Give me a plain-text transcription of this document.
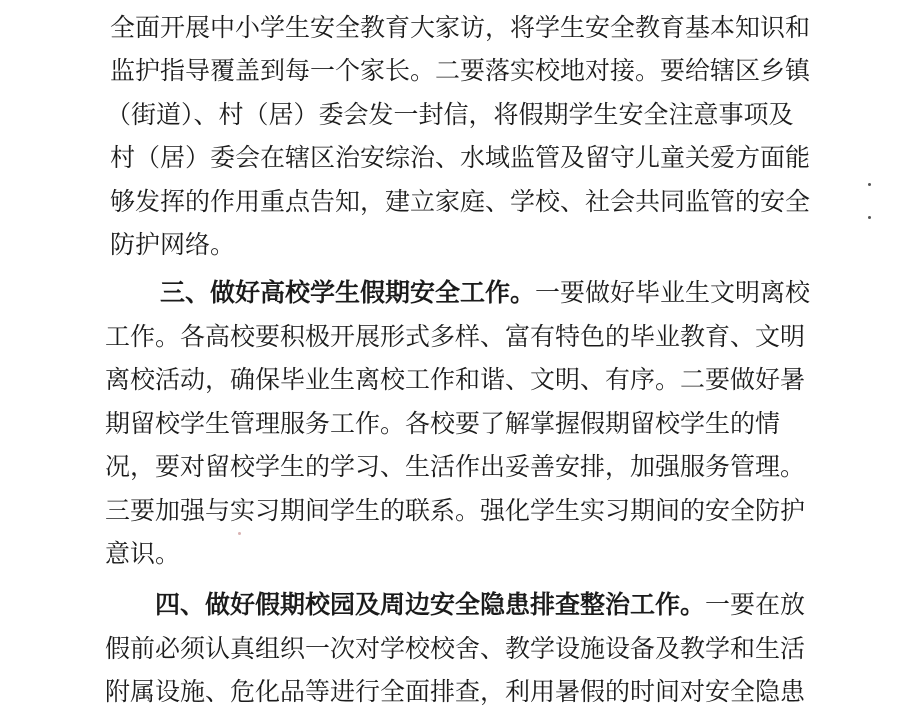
全面开展中小学生安全教育大家访，将学生安全教育基本知识和
监护指导覆盖到每一个家长。二要落实校地对接。要给辖区乡镇
（街道）、村（居）委会发一封信，将假期学生安全注意事项及
村（居）委会在辖区治安综治、水域监管及留守儿童关爱方面能
够发挥的作用重点告知，建立家庭、学校、社会共同监管的安全
防护网络。
三、做好高校学生假期安全工作。一要做好毕业生文明离校
工作。各高校要积极开展形式多样、富有特色的毕业教育、文明
离校活动，确保毕业生离校工作和谐、文明、有序。二要做好暑
期留校学生管理服务工作。各校要了解掌握假期留校学生的情
况，要对留校学生的学习、生活作出妥善安排，加强服务管理。
三要加强与实习期间学生的联系。强化学生实习期间的安全防护
意识。
四、做好假期校园及周边安全隐患排查整治工作。一要在放
假前必须认真组织一次对学校校舍、教学设施设备及教学和生活
附属设施、危化品等进行全面排查，利用暑假的时间对安全隐患
